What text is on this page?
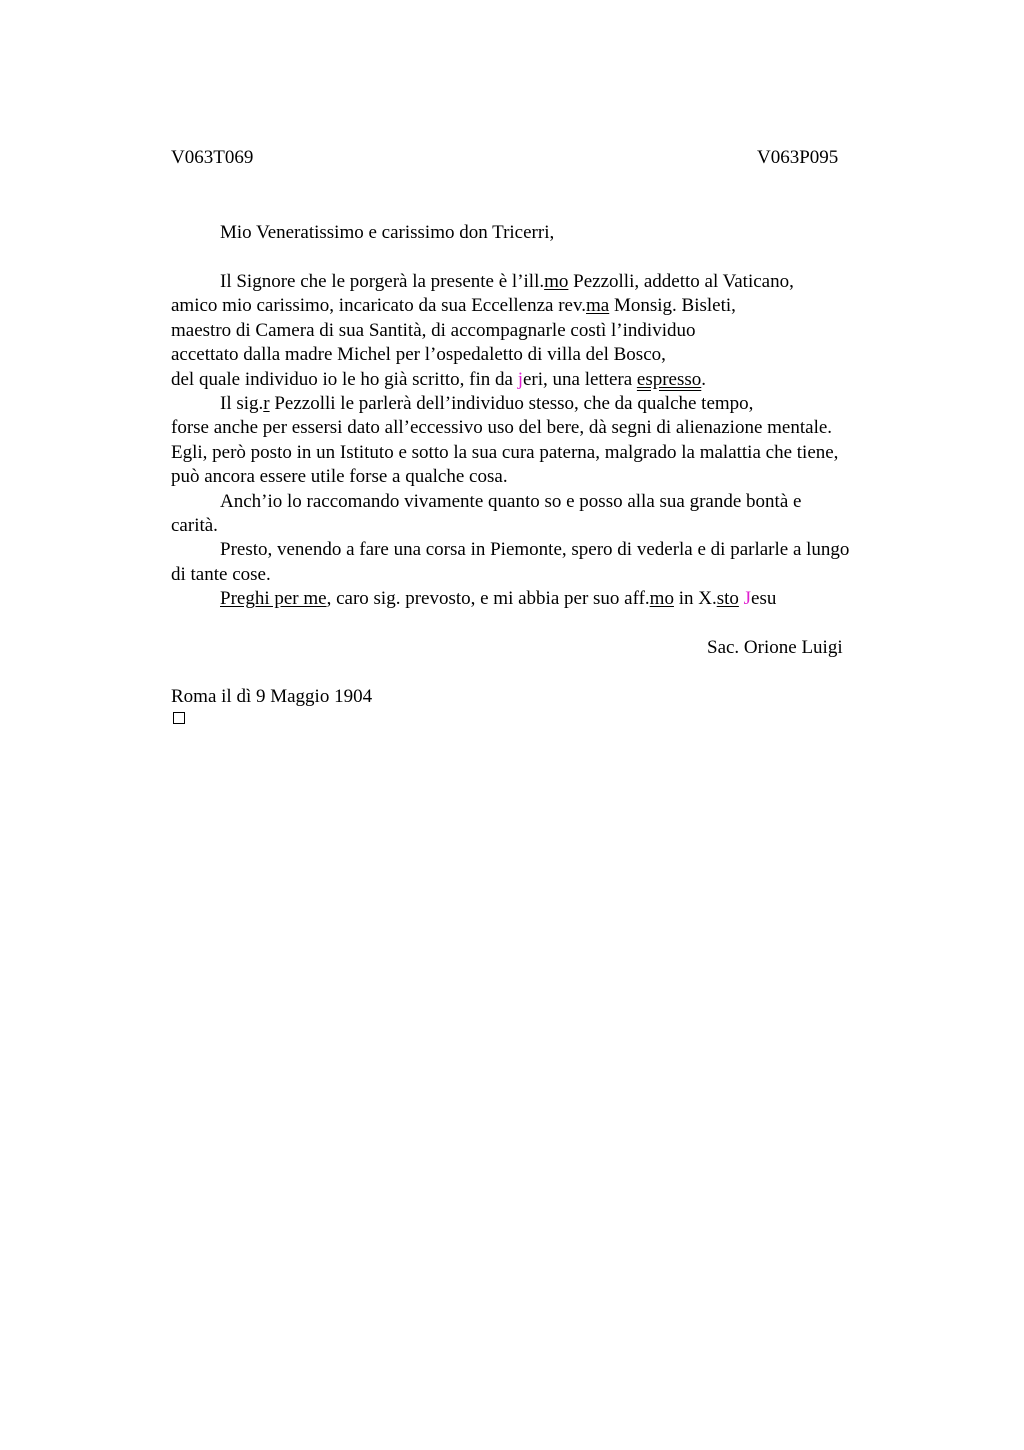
V063T069	V063P095
Mio Veneratissimo e carissimo don Tricerri,
Il Signore che le porgerà la presente è l’ill.mo Pezzolli, addetto al Vaticano,
amico mio carissimo, incaricato da sua Eccellenza rev.ma Monsig. Bisleti,
maestro di Camera di sua Santità, di accompagnarle costì l’individuo
accettato dalla madre Michel per l’ospedaletto di villa del Bosco,
del quale individuo io le ho già scritto, fin da jeri, una lettera espresso.
Il sig.r Pezzolli le parlerà dell’individuo stesso, che da qualche tempo,
forse anche per essersi dato all’eccessivo uso del bere, dà segni di alienazione mentale.
Egli, però posto in un Istituto e sotto la sua cura paterna, malgrado la malattia che tiene,
può ancora essere utile forse a qualche cosa.
Anch’io lo raccomando vivamente quanto so e posso alla sua grande bontà e
carità.
Presto, venendo a fare una corsa in Piemonte, spero di vederla e di parlarle a lungo
di tante cose.
Preghi per me, caro sig. prevosto, e mi abbia per suo aff.mo in X.sto Jesu
Sac. Orione Luigi
Roma il dì 9 Maggio 1904
